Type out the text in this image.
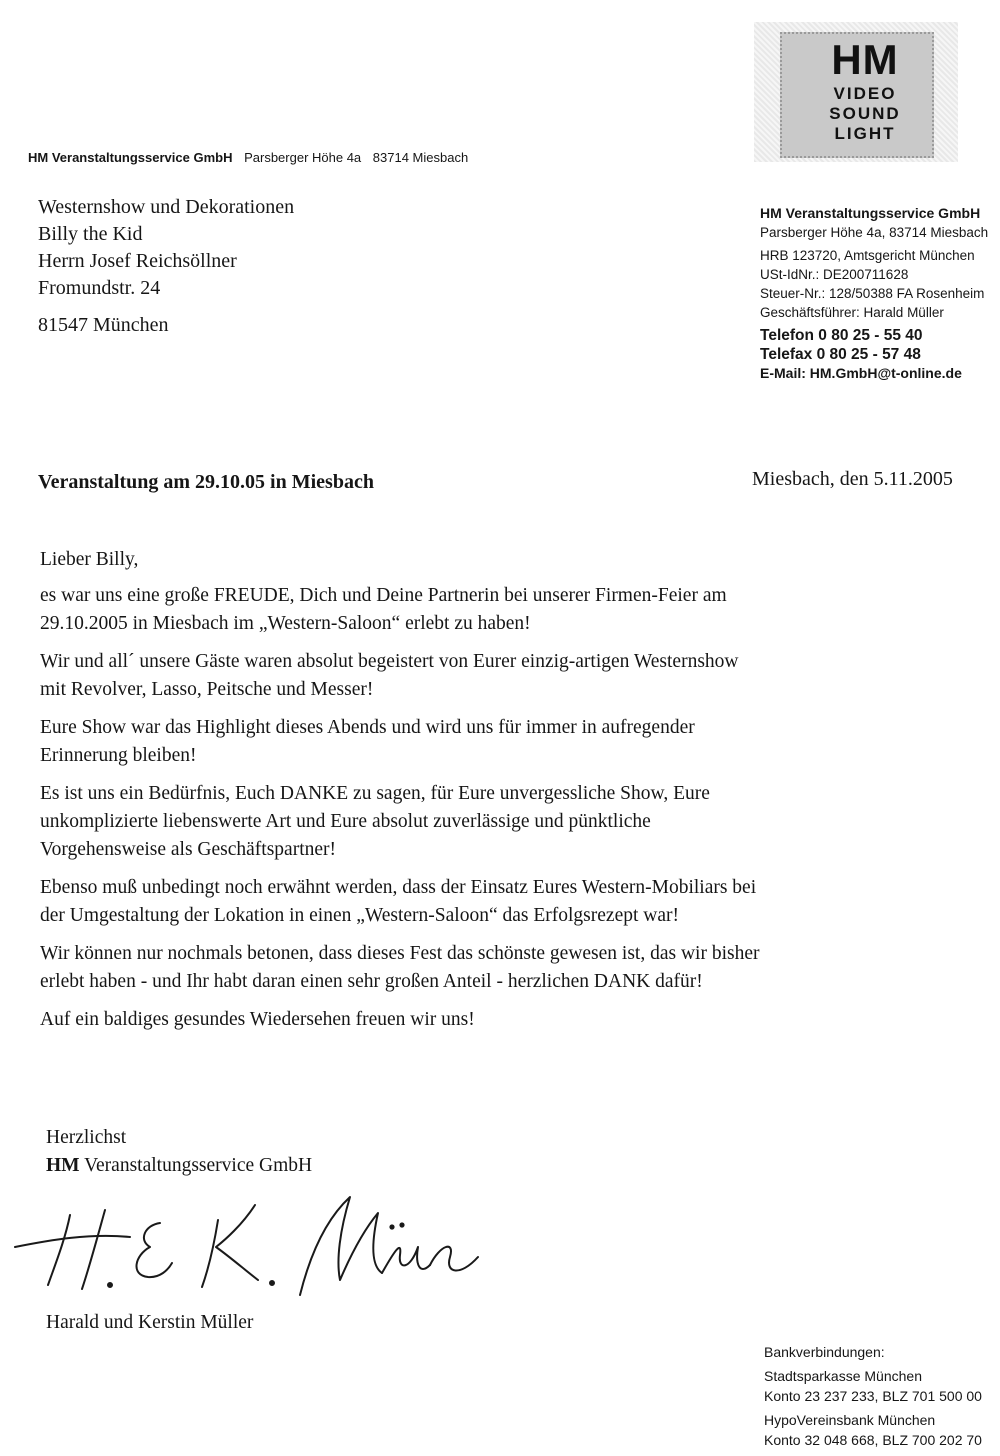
HM
VIDEO
SOUND
LIGHT
HM Veranstaltungsservice GmbH Parsberger Höhe 4a 83714 Miesbach
Westernshow und Dekorationen
Billy the Kid
Herrn Josef Reichsöllner
Fromundstr. 24
81547 München
HM Veranstaltungsservice GmbH
Parsberger Höhe 4a, 83714 Miesbach
HRB 123720, Amtsgericht München
USt-IdNr.: DE200711628
Steuer-Nr.: 128/50388 FA Rosenheim
Geschäftsführer: Harald Müller
Telefon 0 80 25 - 55 40
Telefax 0 80 25 - 57 48
E-Mail: HM.GmbH@t-online.de
Veranstaltung am 29.10.05 in Miesbach	Miesbach, den 5.11.2005

Lieber Billy,

es war uns eine große FREUDE, Dich und Deine Partnerin bei unserer Firmen-Feier am 29.10.2005 in Miesbach im „Western-Saloon“ erlebt zu haben!

Wir und all´ unsere Gäste waren absolut begeistert von Eurer einzig-artigen Westernshow mit Revolver, Lasso, Peitsche und Messer!

Eure Show war das Highlight dieses Abends und wird uns für immer in aufregender Erinnerung bleiben!

Es ist uns ein Bedürfnis, Euch DANKE zu sagen, für Eure unvergessliche Show, Eure unkomplizierte liebenswerte Art und Eure absolut zuverlässige und pünktliche Vorgehensweise als Geschäftspartner!

Ebenso muß unbedingt noch erwähnt werden, dass der Einsatz Eures Western-Mobiliars bei der Umgestaltung der Lokation in einen „Western-Saloon“ das Erfolgsrezept war!

Wir können nur nochmals betonen, dass dieses Fest das schönste gewesen ist, das wir bisher erlebt haben - und Ihr habt daran einen sehr großen Anteil - herzlichen DANK dafür!

Auf ein baldiges gesundes Wiedersehen freuen wir uns!

Herzlichst
HM Veranstaltungsservice GmbH
Harald und Kerstin Müller
Bankverbindungen:
Stadtsparkasse München
Konto 23 237 233, BLZ 701 500 00
HypoVereinsbank München
Konto 32 048 668, BLZ 700 202 70
